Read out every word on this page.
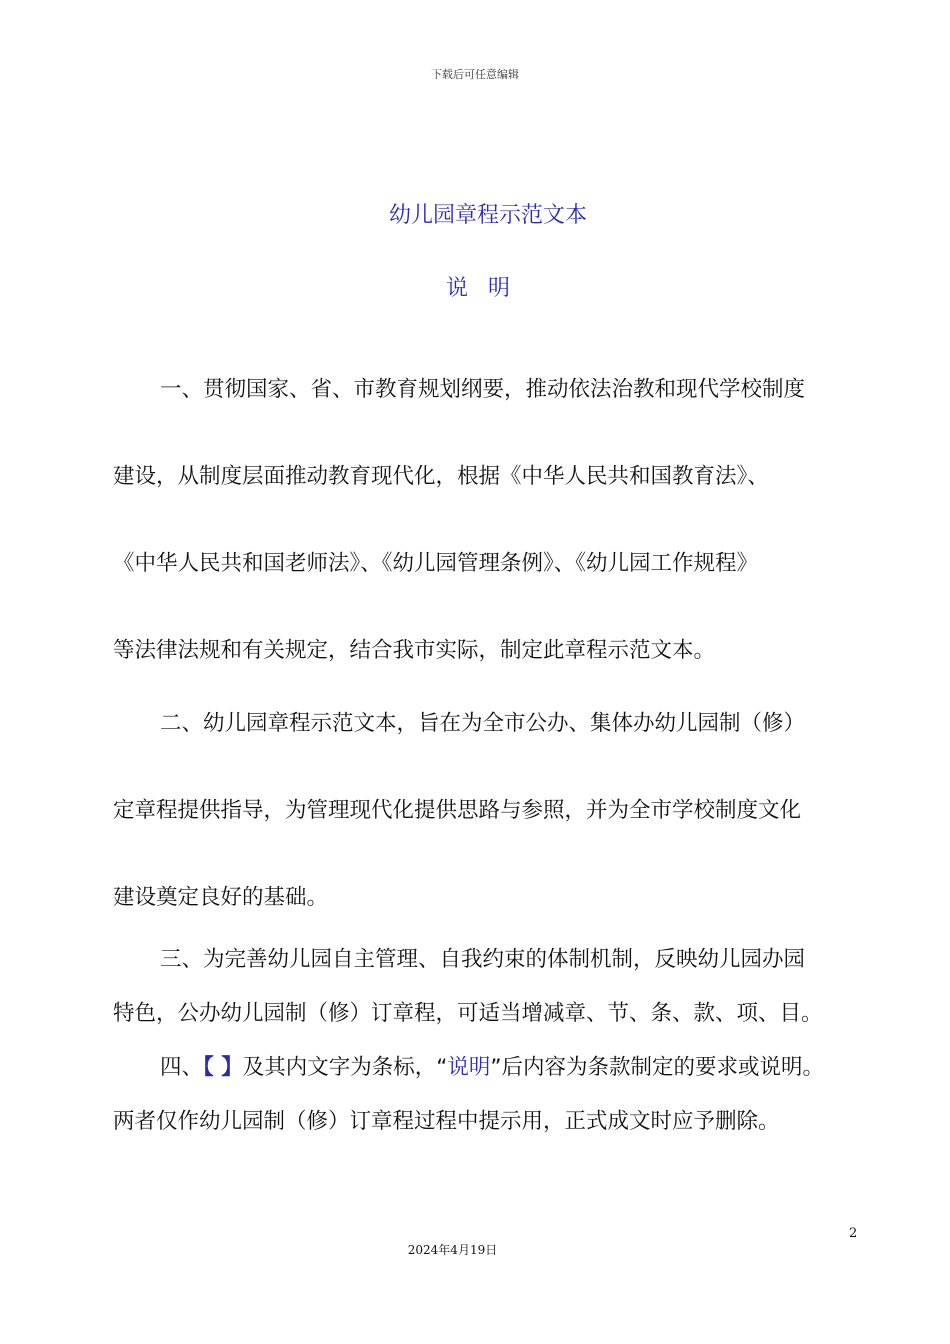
下载后可任意编辑
幼儿园章程示范文本
说明
一、贯彻国家、省、市教育规划纲要，推动依法治教和现代学校制度
建设，从制度层面推动教育现代化，根据《中华人民共和国教育法》、
《中华人民共和国老师法》、《幼儿园管理条例》、《幼儿园工作规程》
等法律法规和有关规定，结合我市实际，制定此章程示范文本。
二、幼儿园章程示范文本，旨在为全市公办、集体办幼儿园制（修）
定章程提供指导，为管理现代化提供思路与参照，并为全市学校制度文化
建设奠定良好的基础。
三、为完善幼儿园自主管理、自我约束的体制机制，反映幼儿园办园
特色，公办幼儿园制（修）订章程，可适当增减章、节、条、款、项、目。
四、【 】及其内文字为条标，“说明”后内容为条款制定的要求或说明。
两者仅作幼儿园制（修）订章程过程中提示用，正式成文时应予删除。
2
2024年4月19日
